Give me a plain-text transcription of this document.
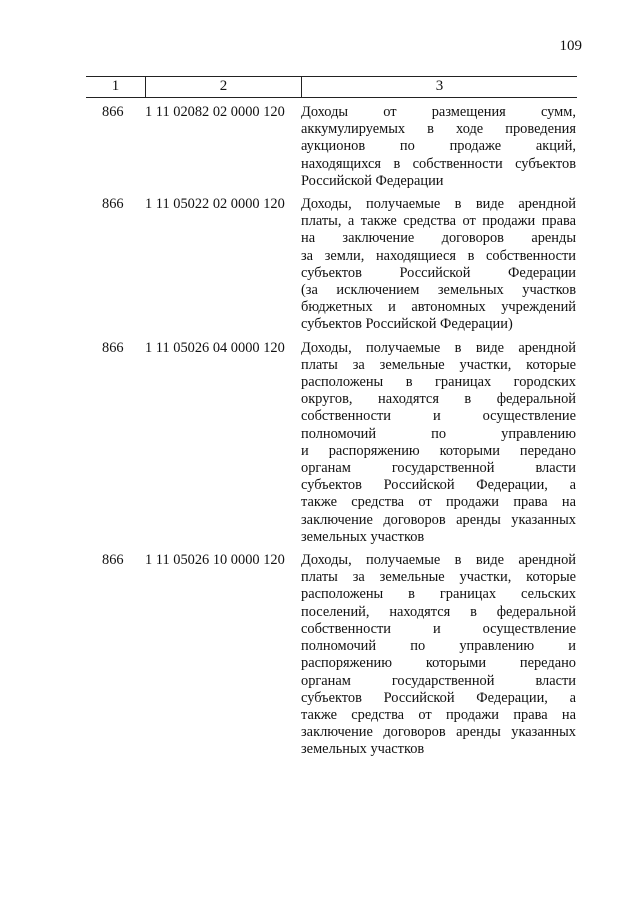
109
1	2	3
866	1 11 02082 02 0000 120	Доходы от размещения сумм,
аккумулируемых в ходе проведения
аукционов по продаже акций,
находящихся в собственности субъектов
Российской Федерации
866	1 11 05022 02 0000 120	Доходы, получаемые в виде арендной
платы, а также средства от продажи права
на заключение договоров аренды
за земли, находящиеся в собственности
субъектов Российской Федерации
(за исключением земельных участков
бюджетных и автономных учреждений
субъектов Российской Федерации)
866	1 11 05026 04 0000 120	Доходы, получаемые в виде арендной
платы за земельные участки, которые
расположены в границах городских
округов, находятся в федеральной
собственности и осуществление
полномочий по управлению
и распоряжению которыми передано
органам государственной власти
субъектов Российской Федерации, а
также средства от продажи права на
заключение договоров аренды указанных
земельных участков
866	1 11 05026 10 0000 120	Доходы, получаемые в виде арендной
платы за земельные участки, которые
расположены в границах сельских
поселений, находятся в федеральной
собственности и осуществление
полномочий по управлению и
распоряжению которыми передано
органам государственной власти
субъектов Российской Федерации, а
также средства от продажи права на
заключение договоров аренды указанных
земельных участков
